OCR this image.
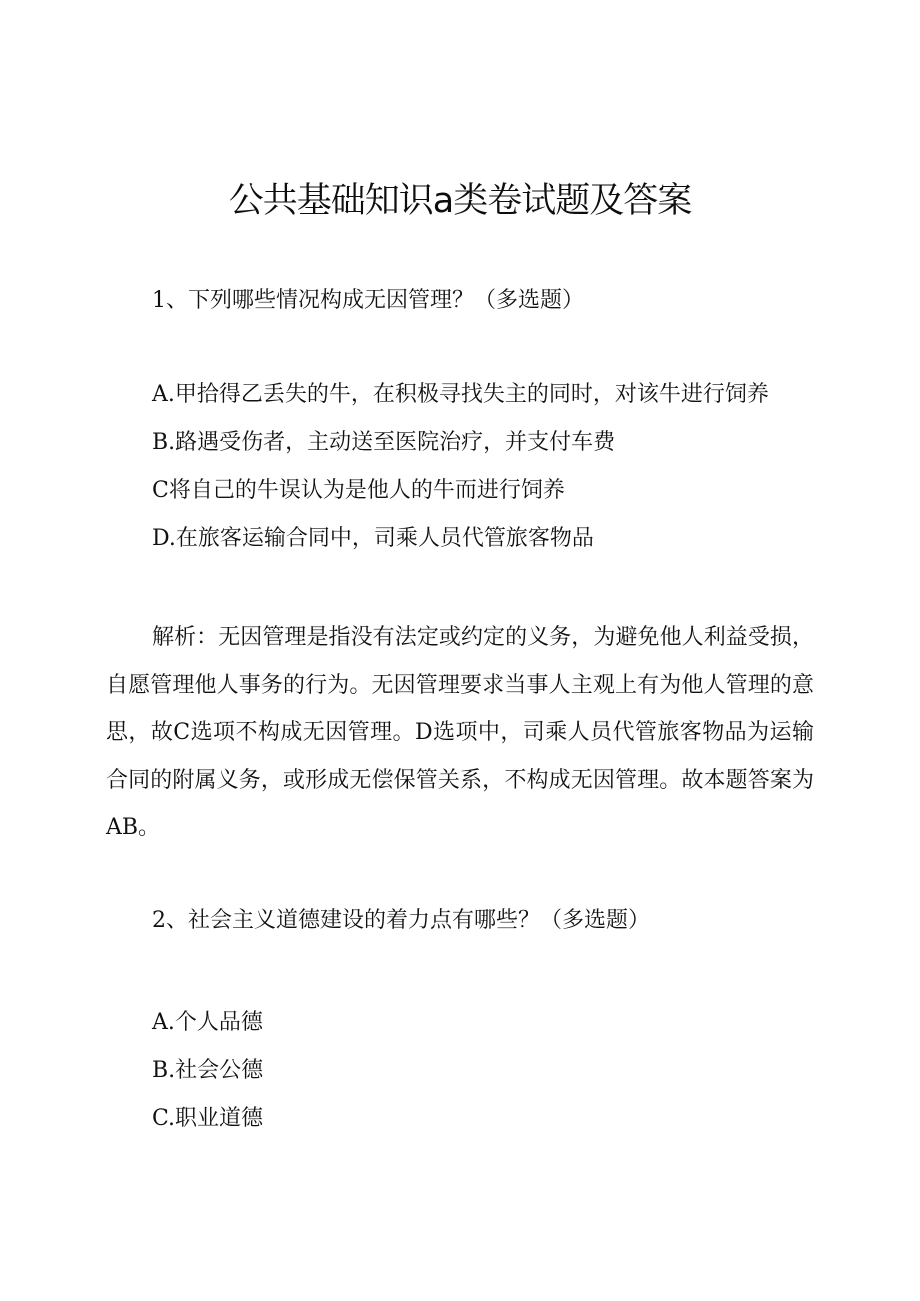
公共基础知识a类卷试题及答案
1、下列哪些情况构成无因管理？（多选题）
A.甲拾得乙丢失的牛，在积极寻找失主的同时，对该牛进行饲养
B.路遇受伤者，主动送至医院治疗，并支付车费
C将自己的牛误认为是他人的牛而进行饲养
D.在旅客运输合同中，司乘人员代管旅客物品
解析：无因管理是指没有法定或约定的义务，为避免他人利益受损，自愿管理他人事务的行为。无因管理要求当事人主观上有为他人管理的意思，故C选项不构成无因管理。D选项中，司乘人员代管旅客物品为运输合同的附属义务，或形成无偿保管关系，不构成无因管理。故本题答案为AB。
2、社会主义道德建设的着力点有哪些？（多选题）
A.个人品德
B.社会公德
C.职业道德
